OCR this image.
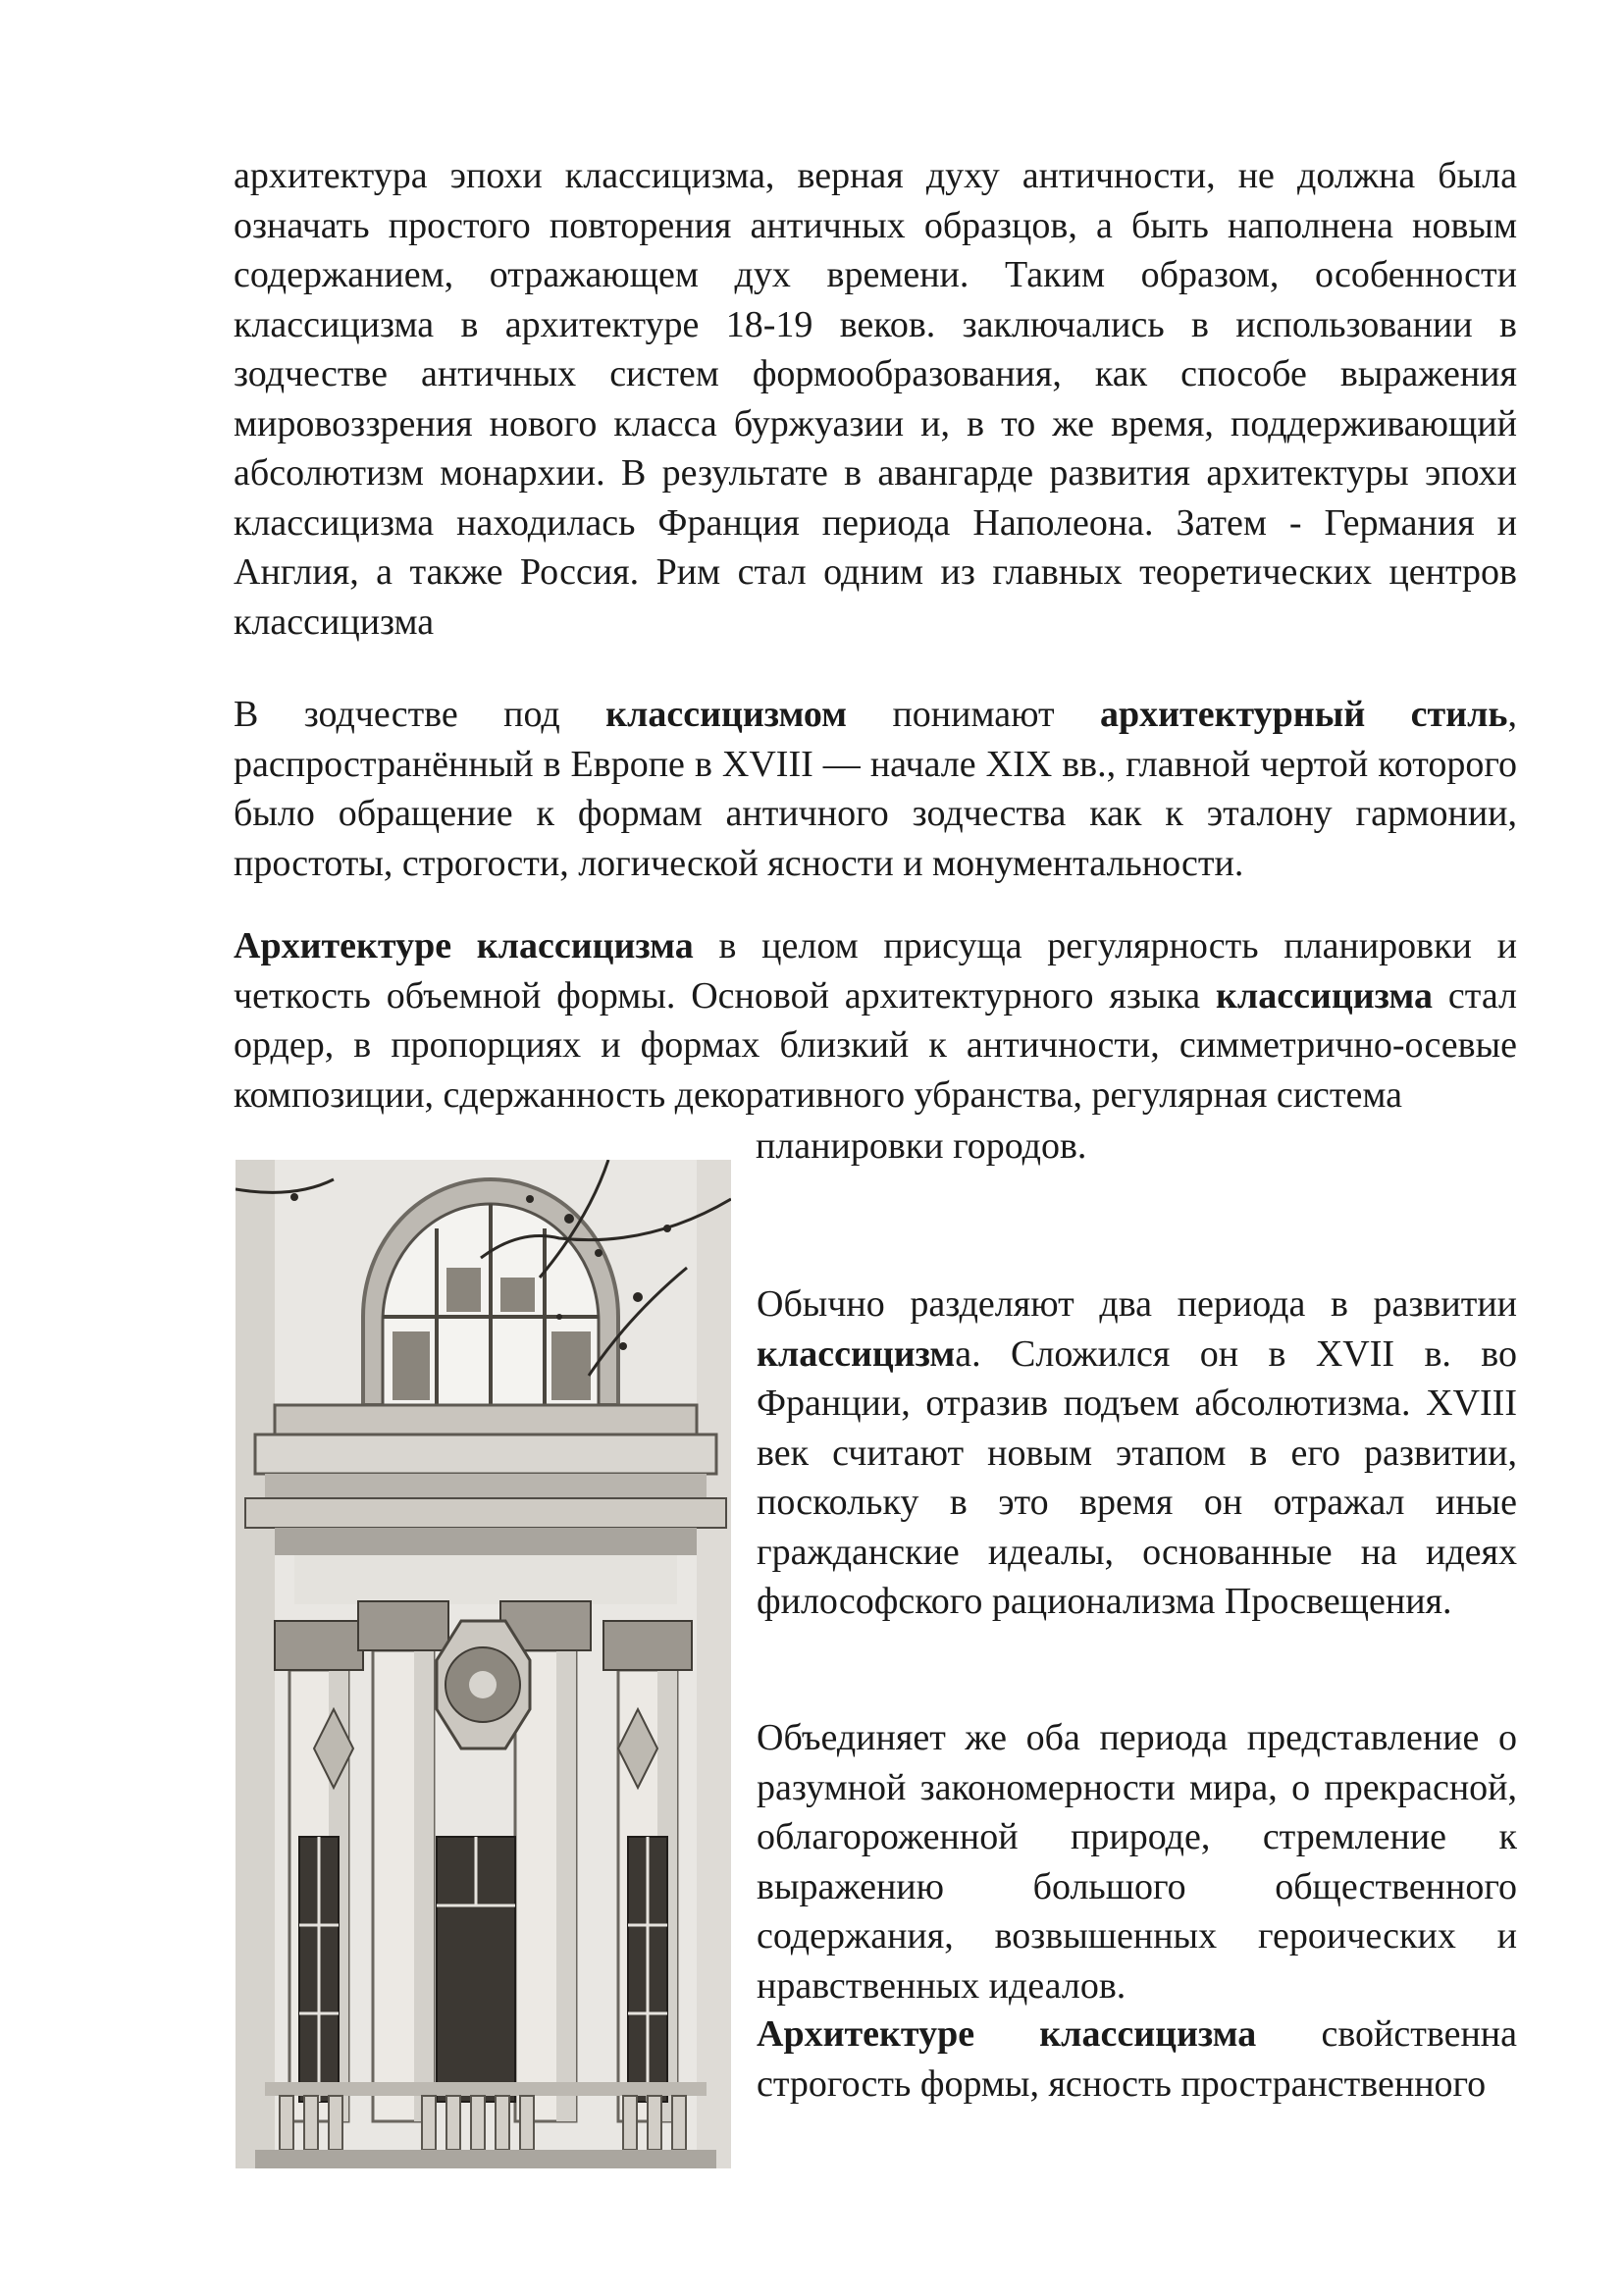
архитектура эпохи классицизма, верная духу античности, не должна была означать простого повторения античных образцов, а быть наполнена новым содержанием, отражающем дух времени. Таким образом, особенности классицизма в архитектуре 18-19 веков. заключались в использовании в зодчестве античных систем формообразования, как способе выражения мировоззрения нового класса буржуазии и, в то же время, поддерживающий абсолютизм монархии. В результате в авангарде развития архитектуры эпохи классицизма находилась Франция периода Наполеона. Затем - Германия и Англия, а также Россия. Рим стал одним из главных теоретических центров классицизма

В зодчестве под классицизмом понимают архитектурный стиль, распространённый в Европе в XVIII — начале XIX вв., главной чертой которого было обращение к формам античного зодчества как к эталону гармонии, простоты, строгости, логической ясности и монументальности.

Архитектуре классицизма в целом присуща регулярность планировки и четкость объемной формы. Основой архитектурного языка классицизма стал ордер, в пропорциях и формах близкий к античности, симметрично-осевые композиции, сдержанность декоративного убранства, регулярная система

планировки городов.

Обычно разделяют два периода в развитии классицизма. Сложился он в XVII в. во Франции, отразив подъем абсолютизма. XVIII век считают новым этапом в его развитии, поскольку в это время он отражал иные гражданские идеалы, основанные на идеях философского рационализма Просвещения.

Объединяет же оба периода представление о разумной закономерности мира, о прекрасной, облагороженной природе, стремление к выражению большого общественного содержания, возвышенных героических и нравственных идеалов.

Архитектуре классицизма свойственна строгость формы, ясность пространственного
